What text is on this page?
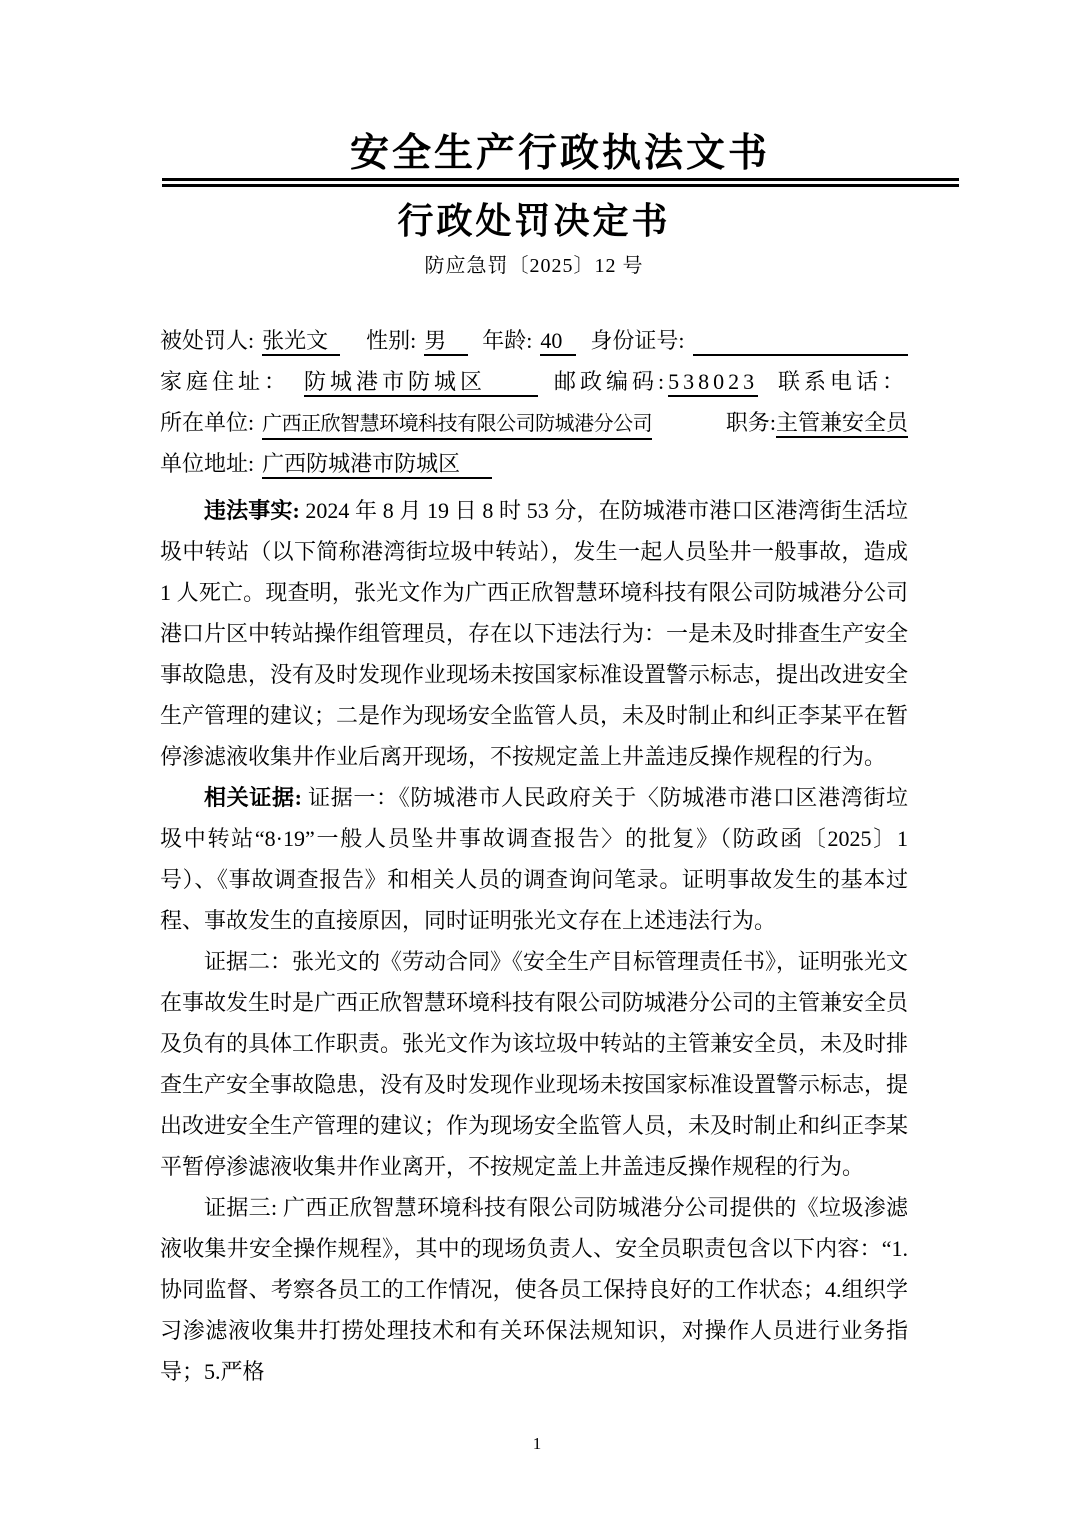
安全生产行政执法文书
行政处罚决定书
防应急罚〔2025〕12 号
被处罚人: 张光文	性别: 男	年龄: 40	身份证号:
家庭住址： 防城港市防城区	邮政编码: 538023 联系电话：
所在单位: 广西正欣智慧环境科技有限公司防城港分公司	职务: 主管兼安全员
单位地址: 广西防城港市防城区

违法事实: 2024 年 8 月 19 日 8 时 53 分，在防城港市港口区港湾街生活垃圾中转站（以下简称港湾街垃圾中转站），发生一起人员坠井一般事故，造成 1 人死亡。现查明，张光文作为广西正欣智慧环境科技有限公司防城港分公司港口片区中转站操作组管理员，存在以下违法行为：一是未及时排查生产安全事故隐患，没有及时发现作业现场未按国家标准设置警示标志，提出改进安全生产管理的建议；二是作为现场安全监管人员，未及时制止和纠正李某平在暂停渗滤液收集井作业后离开现场，不按规定盖上井盖违反操作规程的行为。

相关证据: 证据一：《防城港市人民政府关于〈防城港市港口区港湾街垃圾中转站“8·19”一般人员坠井事故调查报告〉的批复》（防政函〔2025〕1 号）、《事故调查报告》和相关人员的调查询问笔录。证明事故发生的基本过程、事故发生的直接原因，同时证明张光文存在上述违法行为。

证据二：张光文的《劳动合同》《安全生产目标管理责任书》，证明张光文在事故发生时是广西正欣智慧环境科技有限公司防城港分公司的主管兼安全员及负有的具体工作职责。张光文作为该垃圾中转站的主管兼安全员，未及时排查生产安全事故隐患，没有及时发现作业现场未按国家标准设置警示标志，提出改进安全生产管理的建议；作为现场安全监管人员，未及时制止和纠正李某平暂停渗滤液收集井作业离开，不按规定盖上井盖违反操作规程的行为。

证据三: 广西正欣智慧环境科技有限公司防城港分公司提供的《垃圾渗滤液收集井安全操作规程》，其中的现场负责人、安全员职责包含以下内容：“1.协同监督、考察各员工的工作情况，使各员工保持良好的工作状态；4.组织学习渗滤液收集井打捞处理技术和有关环保法规知识，对操作人员进行业务指导；5.严格

1
